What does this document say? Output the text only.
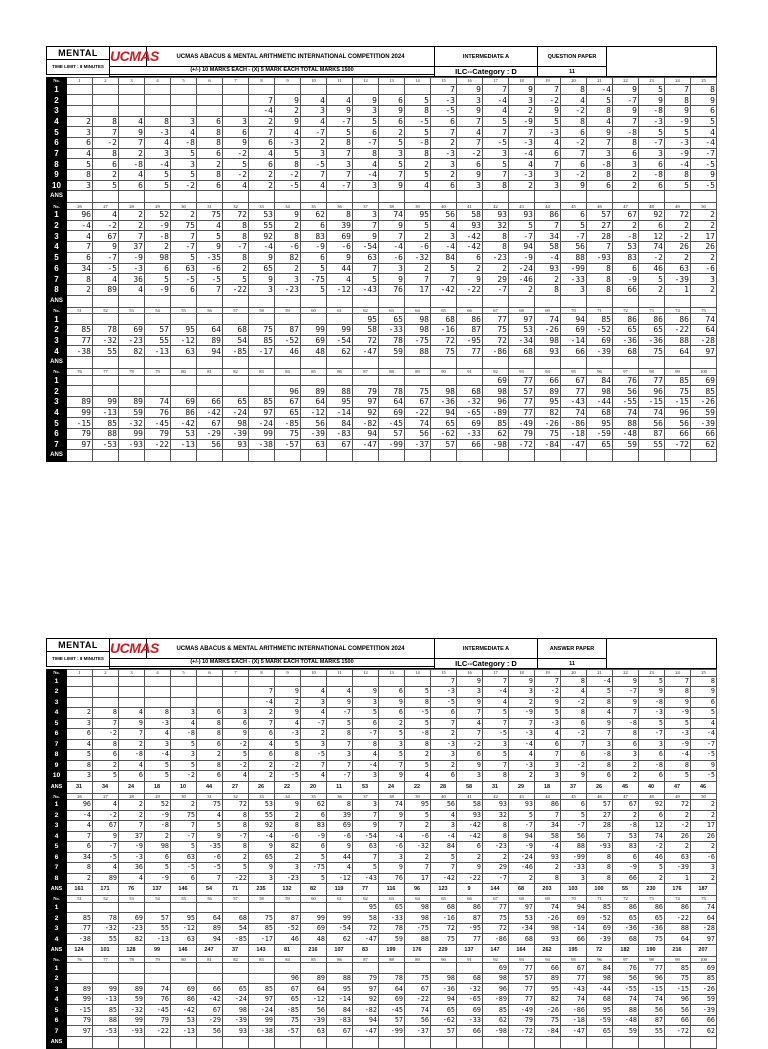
MENTAL	UCMAS	UCMAS ABACUS & MENTAL ARITHMETIC INTERNATIONAL COMPETITION 2024	INTERMEDIATE A	QUESTION PAPER	
TIME LIMIT : 8 MINUTES					
	(+/-) 10 MARKS EACH - (X) 5 MARK EACH TOTAL MARKS 1500		ILC--Category : D	11	

No.	1	2	3	4	5	6	7	8	9	10	11	12	13	14	15	16	17	18	19	20	21	22	23	24	25
1															7	9	7	9	7	8	-4	9	5	7	8
2								7	9	4	4	9	6	5	-3	3	-4	3	-2	4	5	-7	9	8	9
3								-4	2	3	9	3	9	8	-5	9	4	2	9	-2	8	9	-8	9	6
4	2	8	4	8	3	6	3	2	9	4	-7	5	6	-5	6	7	5	-9	5	8	4	7	-3	-9	5
5	3	7	9	-3	4	8	6	7	4	-7	5	6	2	5	7	4	7	7	-3	6	9	-8	5	5	4
6	6	-2	7	4	-8	8	9	6	-3	2	8	-7	5	-8	2	7	-5	-3	4	-2	7	8	-7	-3	-4
7	4	8	2	3	5	6	-2	4	5	3	7	8	3	8	-3	-2	3	-4	6	7	3	6	3	-9	-7
8	5	6	-8	-4	3	2	5	6	8	-5	3	4	5	2	3	6	5	4	7	6	-8	3	6	-4	-5
9	8	2	4	5	5	8	-2	2	-2	7	7	-4	7	5	2	9	7	-3	3	-2	8	2	-8	8	9
10	3	5	6	5	-2	6	4	2	-5	4	-7	3	9	4	6	3	8	2	3	9	6	2	6	5	-5
ANS																									
No.	26	27	28	29	30	31	32	33	34	35	36	37	38	39	40	41	42	43	44	45	46	47	48	49	50
1	96	4	2	52	2	75	72	53	9	62	8	3	74	95	56	58	93	93	86	6	57	67	92	72	2
2	-4	-2	2	-9	75	4	8	55	2	6	39	7	9	5	4	93	32	5	7	5	27	2	6	2	2
3	4	67	7	-8	7	5	8	92	8	83	69	9	7	2	3	-42	8	-7	34	-7	28	-8	12	-2	17
4	7	9	37	2	-7	9	-7	-4	-6	-9	-6	-54	-4	-6	-4	-42	8	94	58	56	7	53	74	26	26
5	6	-7	-9	98	5	-35	8	9	82	6	9	63	-6	-32	84	6	-23	-9	-4	88	-93	83	-2	2	2
6	34	-5	-3	6	63	-6	2	65	2	5	44	7	3	2	5	2	2	-24	93	-99	8	6	46	63	-6
7	8	4	36	5	-5	-5	5	9	3	-75	4	5	9	7	7	9	29	-46	2	-33	8	-9	5	-39	3
8	2	89	4	-9	6	7	-22	3	-23	5	-12	-43	76	17	-42	-22	-7	2	8	3	8	66	2	1	2
ANS																									
No.	51	52	53	54	55	56	57	58	59	60	61	62	63	64	65	66	67	68	69	70	71	72	73	74	75
1												95	65	98	68	86	77	97	74	94	85	86	86	86	74
2	85	78	69	57	95	64	68	75	87	99	99	58	-33	98	-16	87	75	53	-26	69	-52	65	65	-22	64
3	77	-32	-23	55	-12	89	54	85	-52	69	-54	72	78	-75	72	-95	72	-34	98	-14	69	-36	-36	88	-28
4	-38	55	82	-13	63	94	-85	-17	46	48	62	-47	59	88	75	77	-86	68	93	66	-39	68	75	64	97
ANS																									
No.	76	77	78	79	80	81	82	83	84	85	86	87	88	89	90	91	92	93	94	95	96	97	98	99	100
1																	69	77	66	67	84	76	77	85	69
2									96	89	88	79	78	75	98	68	98	57	89	77	98	56	96	75	85
3	89	99	89	74	69	66	65	85	67	64	95	97	64	67	-36	-32	96	77	95	-43	-44	-55	-15	-15	-26
4	99	-13	59	76	86	-42	-24	97	65	-12	-14	92	69	-22	94	-65	-89	77	82	74	68	74	74	96	59
5	-15	85	-32	-45	-42	67	98	-24	-85	56	84	-82	-45	74	65	69	85	-49	-26	-86	95	88	56	56	-39
6	79	88	99	79	53	-29	-39	99	75	-39	-83	94	57	56	-62	-33	62	79	75	-18	-59	-48	87	66	66
7	97	-53	-93	-22	-13	56	93	-38	-57	63	67	-47	-99	-37	57	66	-98	-72	-84	-47	65	59	55	-72	62
ANS																									
MENTAL	UCMAS	UCMAS ABACUS & MENTAL ARITHMETIC INTERNATIONAL COMPETITION 2024	INTERMEDIATE A	ANSWER PAPER	
TIME LIMIT : 8 MINUTES					
	(+/-) 10 MARKS EACH - (X) 5 MARK EACH TOTAL MARKS 1500		ILC--Category : D	11	

No.	1	2	3	4	5	6	7	8	9	10	11	12	13	14	15	16	17	18	19	20	21	22	23	24	25
1															7	9	7	9	7	8	-4	9	5	7	8
2								7	9	4	4	9	6	5	-3	3	-4	3	-2	4	5	-7	9	8	9
3								-4	2	3	9	3	9	8	-5	9	4	2	9	-2	8	9	-8	9	6
4	2	8	4	8	3	6	3	2	9	4	-7	5	6	-5	6	7	5	-9	5	8	4	7	-3	-9	5
5	3	7	9	-3	4	8	6	7	4	-7	5	6	2	5	7	4	7	7	-3	6	9	-8	5	5	4
6	6	-2	7	4	-8	8	9	6	-3	2	8	-7	5	-8	2	7	-5	-3	4	-2	7	8	-7	-3	-4
7	4	8	2	3	5	6	-2	4	5	3	7	8	3	8	-3	-2	3	-4	6	7	3	6	3	-9	-7
8	5	6	-8	-4	3	2	5	6	8	-5	3	4	5	2	3	6	5	4	7	6	-8	3	6	-4	-5
9	8	2	4	5	5	8	-2	2	-2	7	7	-4	7	5	2	9	7	-3	3	-2	8	2	-8	8	9
10	3	5	6	5	-2	6	4	2	-5	4	-7	3	9	4	6	3	8	2	3	9	6	2	6	5	-5
ANS	31	34	24	18	10	44	27	26	22	20	11	53	24	22	28	58	31	29	18	37	26	45	40	47	46
No.	26	27	28	29	30	31	32	33	34	35	36	37	38	39	40	41	42	43	44	45	46	47	48	49	50
1	96	4	2	52	2	75	72	53	9	62	8	3	74	95	56	58	93	93	86	6	57	67	92	72	2
2	-4	-2	2	-9	75	4	8	55	2	6	39	7	9	5	4	93	32	5	7	5	27	2	6	2	2
3	4	67	7	-8	7	5	8	92	8	83	69	9	7	2	3	-42	8	-7	34	-7	28	-8	12	-2	17
4	7	9	37	2	-7	9	-7	-4	-6	-9	-6	-54	-4	-6	-4	-42	8	94	58	56	7	53	74	26	26
5	6	-7	-9	98	5	-35	8	9	82	6	9	63	-6	-32	84	6	-23	-9	-4	88	-93	83	-2	2	2
6	34	-5	-3	6	63	-6	2	65	2	5	44	7	3	2	5	2	2	-24	93	-99	8	6	46	63	-6
7	8	4	36	5	-5	-5	5	9	3	-75	4	5	9	7	7	9	29	-46	2	-33	8	-9	5	-39	3
8	2	89	4	-9	6	7	-22	3	-23	5	-12	-43	76	17	-42	-22	-7	2	8	3	8	66	2	1	2
ANS	161	171	76	137	146	54	71	235	132	82	119	77	116	96	123	9	144	68	203	103	100	55	230	176	187
No.	51	52	53	54	55	56	57	58	59	60	61	62	63	64	65	66	67	68	69	70	71	72	73	74	75
1												95	65	98	68	86	77	97	74	94	85	86	86	86	74
2	85	78	69	57	95	64	68	75	87	99	99	58	-33	98	-16	87	75	53	-26	69	-52	65	65	-22	64
3	77	-32	-23	55	-12	89	54	85	-52	69	-54	72	78	-75	72	-95	72	-34	98	-14	69	-36	-36	88	-28
4	-38	55	82	-13	63	94	-85	-17	46	48	62	-47	59	88	75	77	-86	68	93	66	-39	68	75	64	97
ANS	124	101	128	99	146	247	37	143	81	216	107	83	199	176	229	137	147	164	262	195	72	182	190	216	207
No.	76	77	78	79	80	81	82	83	84	85	86	87	88	89	90	91	92	93	94	95	96	97	98	99	100
1																	69	77	66	67	84	76	77	85	69
2									96	89	88	79	78	75	98	68	98	57	89	77	98	56	96	75	85
3	89	99	89	74	69	66	65	85	67	64	95	97	64	67	-36	-32	96	77	95	-43	-44	-55	-15	-15	-26
4	99	-13	59	76	86	-42	-24	97	65	-12	-14	92	69	-22	94	-65	-89	77	82	74	68	74	74	96	59
5	-15	85	-32	-45	-42	67	98	-24	-85	56	84	-82	-45	74	65	69	85	-49	-26	-86	95	88	56	56	-39
6	79	88	99	79	53	-29	-39	99	75	-39	-83	94	57	56	-62	-33	62	79	75	-18	-59	-48	87	66	66
7	97	-53	-93	-22	-13	56	93	-38	-57	63	67	-47	-99	-37	57	66	-98	-72	-84	-47	65	59	55	-72	62
ANS																									
